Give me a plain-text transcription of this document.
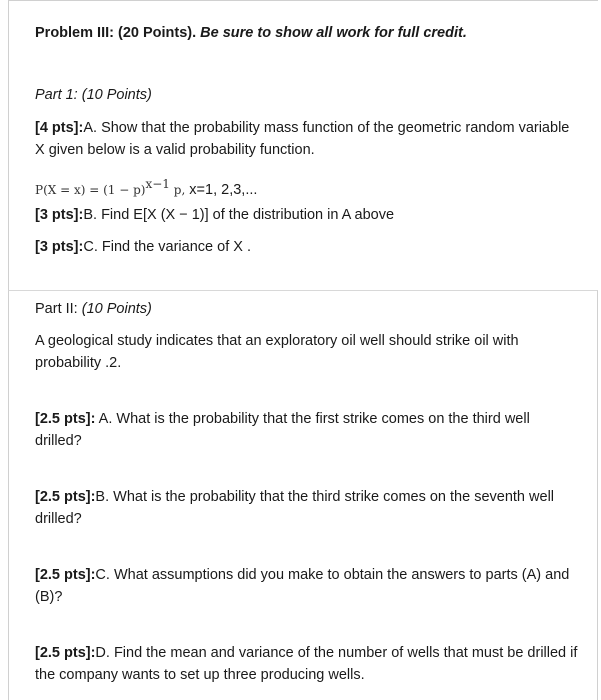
Problem III: (20 Points). Be sure to show all work for full credit.

Part 1: (10 Points)

[4 pts]:A. Show that the probability mass function of the geometric random variable

X given below is a valid probability function.

$P(X = x) = (1 - p)^{x-1}$ p, x=1, 2,3,...

[3 pts]:B. Find E[X (X − 1)] of the distribution in A above

[3 pts]:C. Find the variance of X .

Part II: (10 Points)

A geological study indicates that an exploratory oil well should strike oil with

probability .2.

[2.5 pts]: A. What is the probability that the first strike comes on the third well

drilled?

[2.5 pts]:B. What is the probability that the third strike comes on the seventh well

drilled?

[2.5 pts]:C. What assumptions did you make to obtain the answers to parts (A) and

(B)?

[2.5 pts]:D. Find the mean and variance of the number of wells that must be drilled if

the company wants to set up three producing wells.
